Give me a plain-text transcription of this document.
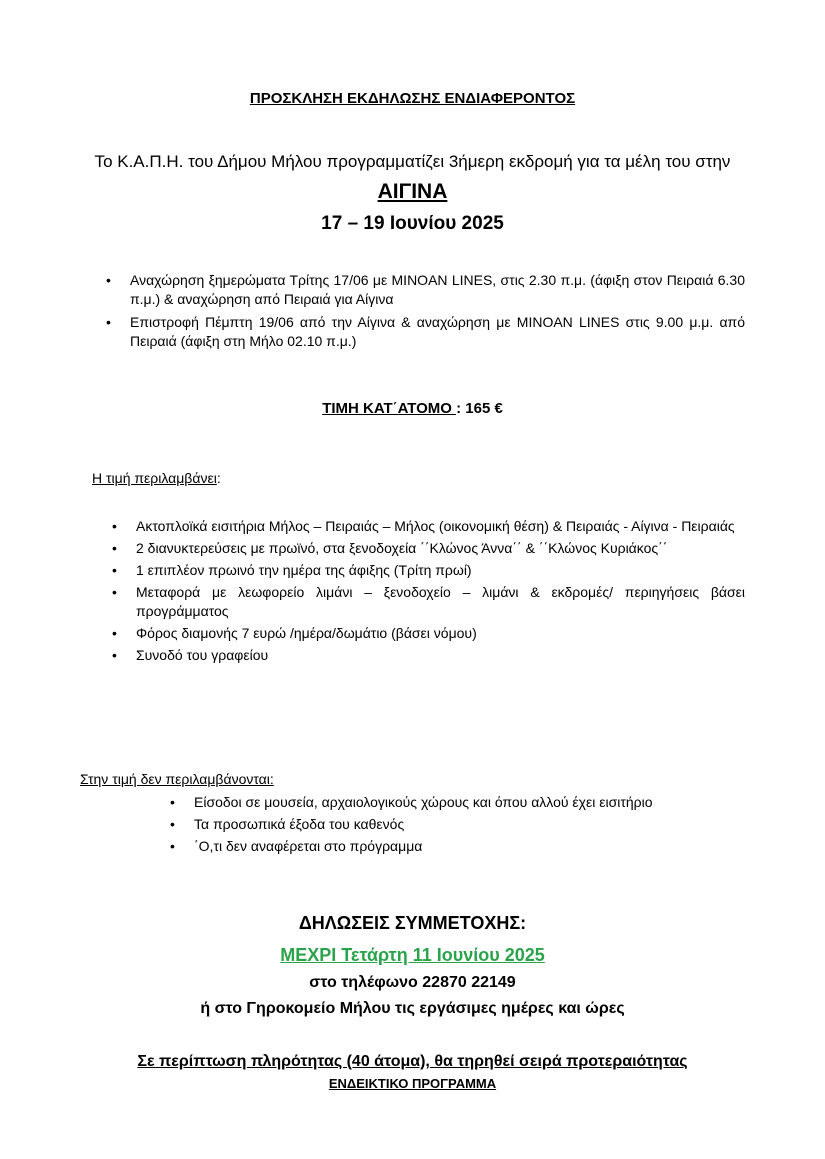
ΠΡΟΣΚΛΗΣΗ ΕΚΔΗΛΩΣΗΣ ΕΝΔΙΑΦΕΡΟΝΤΟΣ
Το Κ.Α.Π.Η. του Δήμου Μήλου προγραμματίζει 3ήμερη εκδρομή για τα μέλη του στην
ΑΙΓΙΝΑ
17 – 19 Ιουνίου 2025
• Αναχώρηση ξημερώματα Τρίτης 17/06 με MINOAN LINES, στις 2.30 π.μ. (άφιξη στον Πειραιά 6.30 π.μ.) & αναχώρηση από Πειραιά για Αίγινα
• Επιστροφή Πέμπτη 19/06 από την Αίγινα & αναχώρηση με MINOAN LINES στις 9.00 μ.μ. από Πειραιά (άφιξη στη Μήλο 02.10 π.μ.)
ΤΙΜΗ ΚΑΤ΄ΑΤΟΜΟ : 165 €
Η τιμή περιλαμβάνει:
• Ακτοπλοϊκά εισιτήρια Μήλος – Πειραιάς – Μήλος (οικονομική θέση) & Πειραιάς - Αίγινα - Πειραιάς
• 2 διανυκτερεύσεις με πρωϊνό, στα ξενοδοχεία ΄΄Κλώνος Άννα΄΄ & ΄΄Κλώνος Κυριάκος΄΄
• 1 επιπλέον πρωινό την ημέρα της άφιξης (Τρίτη πρωί)
• Μεταφορά με λεωφορείο λιμάνι – ξενοδοχείο – λιμάνι & εκδρομές/ περιηγήσεις βάσει προγράμματος
• Φόρος διαμονής 7 ευρώ /ημέρα/δωμάτιο (βάσει νόμου)
• Συνοδό του γραφείου
Στην τιμή δεν περιλαμβάνονται:
• Είσοδοι σε μουσεία, αρχαιολογικούς χώρους και όπου αλλού έχει εισιτήριο
• Τα προσωπικά έξοδα του καθενός
• ΄Ο,τι δεν αναφέρεται στο πρόγραμμα
ΔΗΛΩΣΕΙΣ ΣΥΜΜΕΤΟΧΗΣ:
ΜΕΧΡΙ Τετάρτη 11 Ιουνίου 2025
στο τηλέφωνο 22870 22149
ή στο Γηροκομείο Μήλου τις εργάσιμες ημέρες και ώρες
Σε περίπτωση πληρότητας (40 άτομα), θα τηρηθεί σειρά προτεραιότητας
ΕΝΔΕΙΚΤΙΚΟ ΠΡΟΓΡΑΜΜΑ
